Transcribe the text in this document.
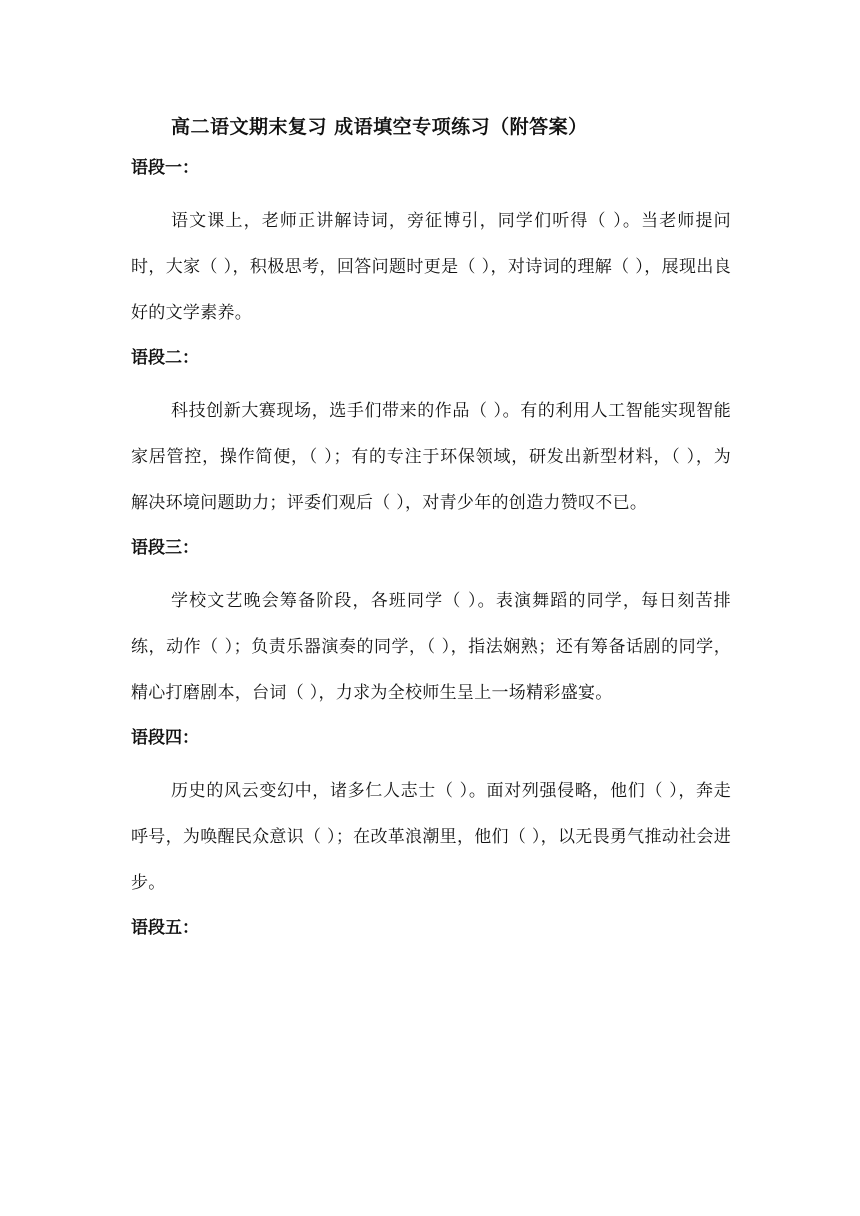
高二语文期末复习 成语填空专项练习（附答案）
语段一：

语文课上，老师正讲解诗词，旁征博引，同学们听得（ ）。当老师提问时，大家（ ），积极思考，回答问题时更是（ ），对诗词的理解（ ），展现出良好的文学素养。

语段二：

科技创新大赛现场，选手们带来的作品（ ）。有的利用人工智能实现智能家居管控，操作简便，（ ）；有的专注于环保领域，研发出新型材料，（ ），为解决环境问题助力；评委们观后（ ），对青少年的创造力赞叹不已。

语段三：

学校文艺晚会筹备阶段，各班同学（ ）。表演舞蹈的同学，每日刻苦排练，动作（ ）；负责乐器演奏的同学，（ ），指法娴熟；还有筹备话剧的同学，精心打磨剧本，台词（ ），力求为全校师生呈上一场精彩盛宴。

语段四：

历史的风云变幻中，诸多仁人志士（ ）。面对列强侵略，他们（ ），奔走呼号，为唤醒民众意识（ ）；在改革浪潮里，他们（ ），以无畏勇气推动社会进步。

语段五：
